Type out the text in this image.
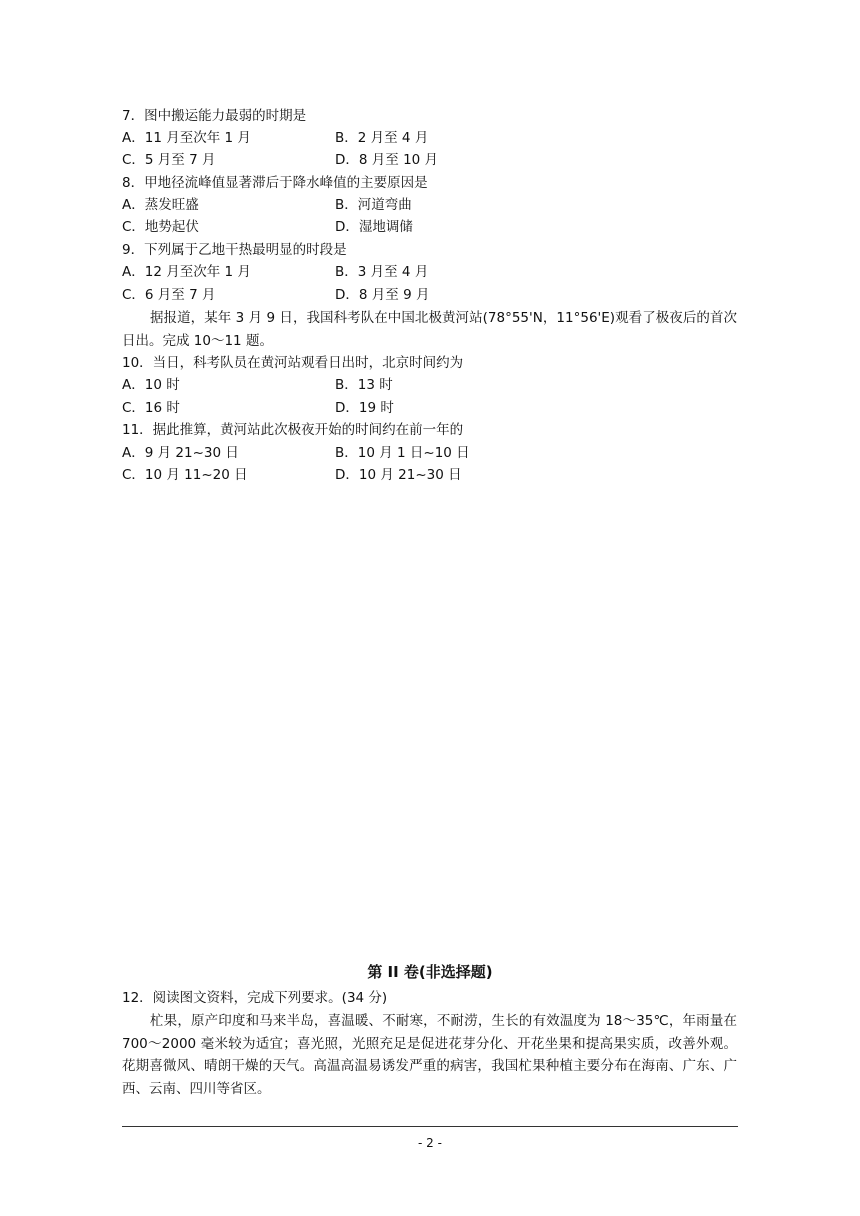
7．图中搬运能力最弱的时期是
A．11 月至次年 1 月	B．2 月至 4 月
C．5 月至 7 月	D．8 月至 10 月
8．甲地径流峰值显著滞后于降水峰值的主要原因是
A．蒸发旺盛	B．河道弯曲
C．地势起伏	D．湿地调储
9．下列属于乙地干热最明显的时段是
A．12 月至次年 1 月	B．3 月至 4 月
C．6 月至 7 月	D．8 月至 9 月
据报道，某年 3 月 9 日，我国科考队在中国北极黄河站(78°55'N，11°56'E)观看了极夜后的首次日出。完成 10～11 题。
10．当日，科考队员在黄河站观看日出时，北京时间约为
A．10 时	B．13 时
C．16 时	D．19 时
11．据此推算，黄河站此次极夜开始的时间约在前一年的
A．9 月 21~30 日	B．10 月 1 日~10 日
C．10 月 11~20 日	D．10 月 21~30 日
第 II 卷(非选择题)
12．阅读图文资料，完成下列要求。(34 分)
杧果，原产印度和马来半岛，喜温暖、不耐寒，不耐涝，生长的有效温度为 18～35℃，年雨量在 700～2000 毫米较为适宜；喜光照，光照充足是促进花芽分化、开花坐果和提高果实质，改善外观。花期喜微风、晴朗干燥的天气。高温高温易诱发严重的病害，我国杧果种植主要分布在海南、广东、广西、云南、四川等省区。
- 2 -
